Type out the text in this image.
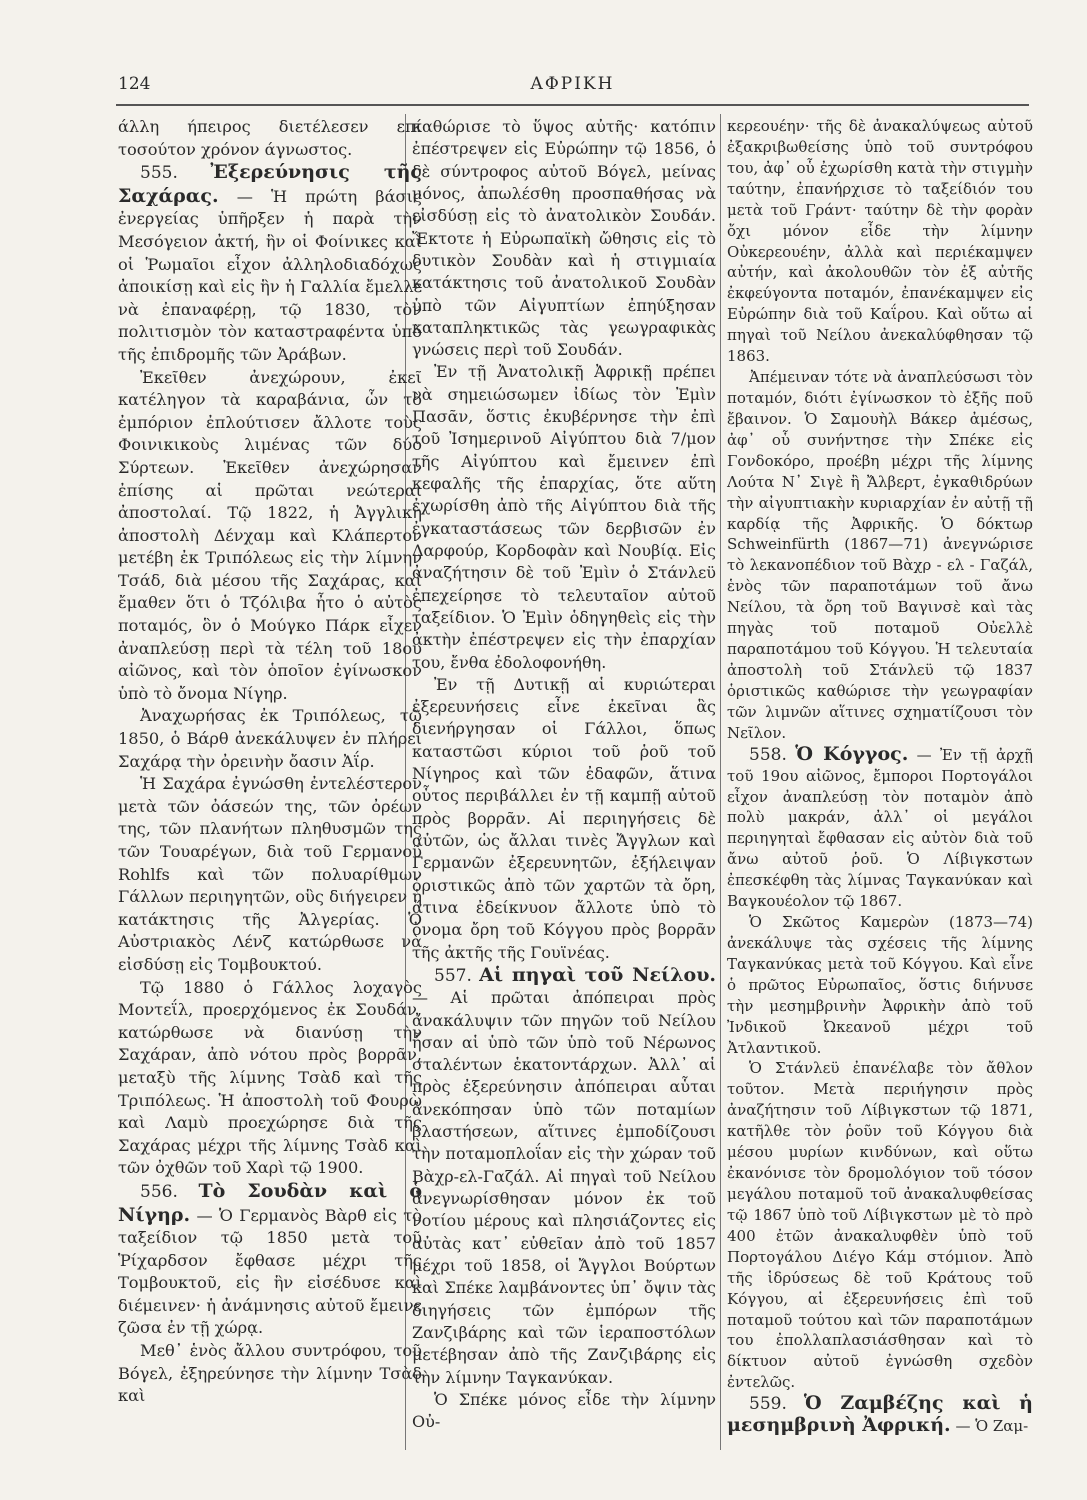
124	ΑΦΡΙΚΗ

άλλη ήπειρος διετέλεσεν επί τοσούτον χρόνον άγνωστος.

555. Ἐξερεύνησις τῆς Σαχάρας. — Ἡ πρώτη βάσις ἐνεργείας ὑπῆρξεν ἡ παρὰ τὴν Μεσόγειον ἀκτή, ἣν οἱ Φοίνικες καὶ οἱ Ῥωμαῖοι εἶχον ἀλληλοδιαδόχως ἀποικίσῃ καὶ εἰς ἣν ἡ Γαλλία ἔμελλε νὰ ἐπαναφέρῃ, τῷ 1830, τὸν πολιτισμὸν τὸν καταστραφέντα ὑπὸ τῆς ἐπιδρομῆς τῶν Ἀράβων.

Ἐκεῖθεν ἀνεχώρουν, ἐκεῖ κατέληγον τὰ καραβάνια, ὧν τὸ ἐμπόριον ἐπλούτισεν ἄλλοτε τοὺς Φοινικικοὺς λιμένας τῶν δύο Σύρτεων. Ἐκεῖθεν ἀνεχώρησαν ἐπίσης αἱ πρῶται νεώτεραι ἀποστολαί. Τῷ 1822, ἡ Ἀγγλικὴ ἀποστολὴ Δένχαμ καὶ Κλάπερτον μετέβη ἐκ Τριπόλεως εἰς τὴν λίμνην Τσάδ, διὰ μέσου τῆς Σαχάρας, καὶ ἔμαθεν ὅτι ὁ Τζόλιβα ἦτο ὁ αὐτὸς ποταμός, ὃν ὁ Μούγκο Πάρκ εἶχεν ἀναπλεύσῃ περὶ τὰ τέλη τοῦ 18ου αἰῶνος, καὶ τὸν ὁποῖον ἐγίνωσκον ὑπὸ τὸ ὄνομα Νίγηρ.

Ἀναχωρήσας ἐκ Τριπόλεως, τῷ 1850, ὁ Βάρθ ἀνεκάλυψεν ἐν πλήρει Σαχάρᾳ τὴν ὀρεινὴν ὄασιν Ἀΐρ.

Ἡ Σαχάρα ἐγνώσθη ἐντελέστερον μετὰ τῶν ὀάσεών της, τῶν ὀρέων της, τῶν πλανήτων πληθυσμῶν της τῶν Τουαρέγων, διὰ τοῦ Γερμανοῦ Rohlfs καὶ τῶν πολυαρίθμων Γάλλων περιηγητῶν, οὓς διήγειρεν ἡ κατάκτησις τῆς Ἀλγερίας. Ὁ Αὐστριακὸς Λένζ κατώρθωσε νὰ εἰσδύσῃ εἰς Τομβουκτού.

Τῷ 1880 ὁ Γάλλος λοχαγὸς Μοντεΐλ, προερχόμενος ἐκ Σουδάν, κατώρθωσε νὰ διανύσῃ τὴν Σαχάραν, ἀπὸ νότου πρὸς βορρᾶν, μεταξὺ τῆς λίμνης Τσὰδ καὶ τῆς Τριπόλεως. Ἡ ἀποστολὴ τοῦ Φουρὼ καὶ Λαμὺ προεχώρησε διὰ τῆς Σαχάρας μέχρι τῆς λίμνης Τσὰδ καὶ τῶν ὀχθῶν τοῦ Χαρὶ τῷ 1900.

556. Τὸ Σουδὰν καὶ ὁ Νίγηρ. — Ὁ Γερμανὸς Βὰρθ εἰς τὸ ταξείδιον τῷ 1850 μετὰ τοῦ Ῥίχαρδσον ἔφθασε μέχρι τῆς Τομβουκτοῦ, εἰς ἣν εἰσέδυσε καὶ διέμεινεν· ἡ ἀνάμνησις αὐτοῦ ἔμεινε ζῶσα ἐν τῇ χώρᾳ.

Μεθ᾽ ἑνὸς ἄλλου συντρόφου, τοῦ Βόγελ, ἐξηρεύνησε τὴν λίμνην Τσὰδ καὶ

καθώρισε τὸ ὕψος αὐτῆς· κατόπιν ἐπέστρεψεν εἰς Εὐρώπην τῷ 1856, ὁ δὲ σύντροφος αὐτοῦ Βόγελ, μείνας μόνος, ἀπωλέσθη προσπαθήσας νὰ εἰσδύσῃ εἰς τὸ ἀνατολικὸν Σουδάν. Ἔκτοτε ἡ Εὐρωπαϊκὴ ὤθησις εἰς τὸ δυτικὸν Σουδὰν καὶ ἡ στιγμιαία κατάκτησις τοῦ ἀνατολικοῦ Σουδὰν ὑπὸ τῶν Αἰγυπτίων ἐπηύξησαν καταπληκτικῶς τὰς γεωγραφικὰς γνώσεις περὶ τοῦ Σουδάν.

Ἐν τῇ Ἀνατολικῇ Ἀφρικῇ πρέπει νὰ σημειώσωμεν ἰδίως τὸν Ἐμὶν Πασᾶν, ὅστις ἐκυβέρνησε τὴν ἐπὶ τοῦ Ἰσημερινοῦ Αἰγύπτου διὰ 7/μον τῆς Αἰγύπτου καὶ ἔμεινεν ἐπὶ κεφαλῆς τῆς ἐπαρχίας, ὅτε αὕτη ἐχωρίσθη ἀπὸ τῆς Αἰγύπτου διὰ τῆς ἐγκαταστάσεως τῶν δερβισῶν ἐν Δαρφούρ, Κορδοφὰν καὶ Νουβίᾳ. Εἰς ἀναζήτησιν δὲ τοῦ Ἐμὶν ὁ Στάνλεϋ ἐπεχείρησε τὸ τελευταῖον αὐτοῦ ταξείδιον. Ὁ Ἐμὶν ὁδηγηθεὶς εἰς τὴν ἀκτὴν ἐπέστρεψεν εἰς τὴν ἐπαρχίαν του, ἔνθα ἐδολοφονήθη.

Ἐν τῇ Δυτικῇ αἱ κυριώτεραι ἐξερευνήσεις εἶνε ἐκεῖναι ἃς διενήργησαν οἱ Γάλλοι, ὅπως καταστῶσι κύριοι τοῦ ῥοῦ τοῦ Νίγηρος καὶ τῶν ἐδαφῶν, ἅτινα οὗτος περιβάλλει ἐν τῇ καμπῇ αὐτοῦ πρὸς βορρᾶν. Αἱ περιηγήσεις δὲ αὐτῶν, ὡς ἄλλαι τινὲς Ἄγγλων καὶ Γερμανῶν ἐξερευνητῶν, ἐξήλειψαν ὁριστικῶς ἀπὸ τῶν χαρτῶν τὰ ὄρη, ἅτινα ἐδείκνυον ἄλλοτε ὑπὸ τὸ ὄνομα ὄρη τοῦ Κόγγου πρὸς βορρᾶν τῆς ἀκτῆς τῆς Γουϊνέας.

557. Αἱ πηγαὶ τοῦ Νείλου. — Αἱ πρῶται ἀπόπειραι πρὸς ἀνακάλυψιν τῶν πηγῶν τοῦ Νείλου ἦσαν αἱ ὑπὸ τῶν ὑπὸ τοῦ Νέρωνος σταλέντων ἑκατοντάρχων. Ἀλλ᾽ αἱ πρὸς ἐξερεύνησιν ἀπόπειραι αὗται ἀνεκόπησαν ὑπὸ τῶν ποταμίων βλαστήσεων, αἵτινες ἐμποδίζουσι τὴν ποταμοπλοΐαν εἰς τὴν χώραν τοῦ Βὰχρ-ελ-Γαζάλ. Αἱ πηγαὶ τοῦ Νείλου ἀνεγνωρίσθησαν μόνον ἐκ τοῦ νοτίου μέρους καὶ πλησιάζοντες εἰς αὐτὰς κατ᾽ εὐθεῖαν ἀπὸ τοῦ 1857 μέχρι τοῦ 1858, οἱ Ἄγγλοι Βούρτων καὶ Σπέκε λαμβάνοντες ὑπ᾽ ὄψιν τὰς διηγήσεις τῶν ἐμπόρων τῆς Ζανζιβάρης καὶ τῶν ἱεραποστόλων μετέβησαν ἀπὸ τῆς Ζανζιβάρης εἰς τὴν λίμνην Ταγκανύκαν.

Ὁ Σπέκε μόνος εἶδε τὴν λίμνην Οὐ-

κερεουέην· τῆς δὲ ἀνακαλύψεως αὐτοῦ ἐξακριβωθείσης ὑπὸ τοῦ συντρόφου του, ἀφ᾽ οὗ ἐχωρίσθη κατὰ τὴν στιγμὴν ταύτην, ἐπανήρχισε τὸ ταξείδιόν του μετὰ τοῦ Γράντ· ταύτην δὲ τὴν φορὰν ὄχι μόνον εἶδε τὴν λίμνην Οὐκερεουέην, ἀλλὰ καὶ περιέκαμψεν αὐτήν, καὶ ἀκολουθῶν τὸν ἐξ αὐτῆς ἐκφεύγοντα ποταμόν, ἐπανέκαμψεν εἰς Εὐρώπην διὰ τοῦ Καΐρου. Καὶ οὕτω αἱ πηγαὶ τοῦ Νείλου ἀνεκαλύφθησαν τῷ 1863.

Ἀπέμειναν τότε νὰ ἀναπλεύσωσι τὸν ποταμόν, διότι ἐγίνωσκον τὸ ἐξῆς ποῦ ἔβαινον. Ὁ Σαμουὴλ Βάκερ ἀμέσως, ἀφ᾽ οὗ συνήντησε τὴν Σπέκε εἰς Γονδοκόρο, προέβη μέχρι τῆς λίμνης Λούτα Ν᾽ Σιγὲ ἢ Ἄλβερτ, ἐγκαθιδρύων τὴν αἰγυπτιακὴν κυριαρχίαν ἐν αὐτῇ τῇ καρδίᾳ τῆς Ἀφρικῆς. Ὁ δόκτωρ Schweinfürth (1867—71) ἀνεγνώρισε τὸ λεκανοπέδιον τοῦ Βὰχρ - ελ - Γαζάλ, ἑνὸς τῶν παραποτάμων τοῦ ἄνω Νείλου, τὰ ὄρη τοῦ Βαγινσὲ καὶ τὰς πηγὰς τοῦ ποταμοῦ Οὐελλὲ παραποτάμου τοῦ Κόγγου. Ἡ τελευταία ἀποστολὴ τοῦ Στάνλεϋ τῷ 1837 ὁριστικῶς καθώρισε τὴν γεωγραφίαν τῶν λιμνῶν αἵτινες σχηματίζουσι τὸν Νεῖλον.

558. Ὁ Κόγγος. — Ἐν τῇ ἀρχῇ τοῦ 19ου αἰῶνος, ἔμποροι Πορτογάλοι εἶχον ἀναπλεύσῃ τὸν ποταμὸν ἀπὸ πολὺ μακράν, ἀλλ᾽ οἱ μεγάλοι περιηγηταὶ ἔφθασαν εἰς αὐτὸν διὰ τοῦ ἄνω αὐτοῦ ῥοῦ. Ὁ Λίβιγκστων ἐπεσκέφθη τὰς λίμνας Ταγκανύκαν καὶ Βαγκουέολον τῷ 1867.

Ὁ Σκῶτος Καμερὼν (1873—74) ἀνεκάλυψε τὰς σχέσεις τῆς λίμνης Ταγκανύκας μετὰ τοῦ Κόγγου. Καὶ εἶνε ὁ πρῶτος Εὐρωπαῖος, ὅστις διήνυσε τὴν μεσημβρινὴν Ἀφρικὴν ἀπὸ τοῦ Ἰνδικοῦ Ὠκεανοῦ μέχρι τοῦ Ἀτλαντικοῦ.

Ὁ Στάνλεϋ ἐπανέλαβε τὸν ἄθλον τοῦτον. Μετὰ περιήγησιν πρὸς ἀναζήτησιν τοῦ Λίβιγκστων τῷ 1871, κατῆλθε τὸν ῥοῦν τοῦ Κόγγου διὰ μέσου μυρίων κινδύνων, καὶ οὕτω ἐκανόνισε τὸν δρομολόγιον τοῦ τόσον μεγάλου ποταμοῦ τοῦ ἀνακαλυφθείσας τῷ 1867 ὑπὸ τοῦ Λίβιγκστων μὲ τὸ πρὸ 400 ἐτῶν ἀνακαλυφθὲν ὑπὸ τοῦ Πορτογάλου Διέγο Κάμ στόμιον. Ἀπὸ τῆς ἱδρύσεως δὲ τοῦ Κράτους τοῦ Κόγγου, αἱ ἐξερευνήσεις ἐπὶ τοῦ ποταμοῦ τούτου καὶ τῶν παραποτάμων του ἐπολλαπλασιάσθησαν καὶ τὸ δίκτυον αὐτοῦ ἐγνώσθη σχεδὸν ἐντελῶς.

559. Ὁ Ζαμβέζης καὶ ἡ μεσημβρινὴ Ἀφρική. — Ὁ Ζαμ-
